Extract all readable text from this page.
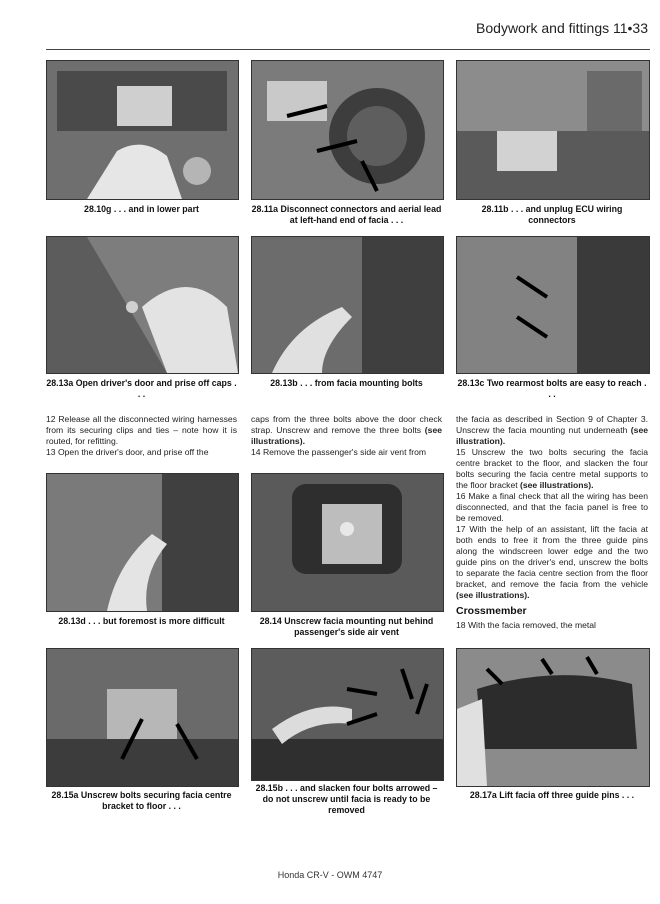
Bodywork and fittings 11•33
28.10g . . . and in lower part	28.11a Disconnect connectors and aerial lead at left-hand end of facia . . .
28.11b . . . and unplug ECU wiring connectors
28.13a Open driver's door and prise off caps . . .
28.13b . . . from facia mounting bolts	28.13c Two rearmost bolts are easy to reach . . .
12 Release all the disconnected wiring harnesses from its securing clips and ties – note how it is routed, for refitting.
13 Open the driver's door, and prise off the
caps from the three bolts above the door check strap. Unscrew and remove the three bolts (see illustrations).
14 Remove the passenger's side air vent from
the facia as described in Section 9 of Chapter 3. Unscrew the facia mounting nut underneath (see illustration).
15 Unscrew the two bolts securing the facia centre bracket to the floor, and slacken the four bolts securing the facia centre metal supports to the floor bracket (see illustrations).
16 Make a final check that all the wiring has been disconnected, and that the facia panel is free to be removed.
17 With the help of an assistant, lift the facia at both ends to free it from the three guide pins along the windscreen lower edge and the two guide pins on the driver's end, unscrew the bolts to separate the facia centre section from the floor bracket, and remove the facia from the vehicle (see illustrations).
28.13d . . . but foremost is more difficult	28.14 Unscrew facia mounting nut behind passenger's side air vent
Crossmember
18 With the facia removed, the metal
28.15a Unscrew bolts securing facia centre bracket to floor . . .
28.15b . . . and slacken four bolts arrowed – do not unscrew until facia is ready to be removed
28.17a Lift facia off three guide pins . . .
Honda CR-V - OWM 4747
